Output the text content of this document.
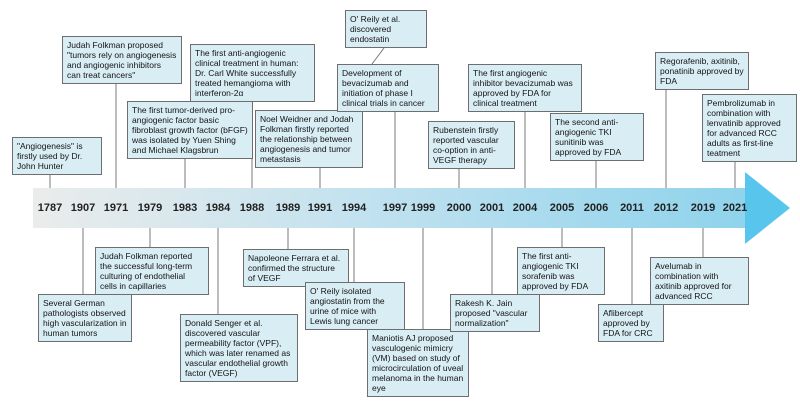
1787 1907 1971 1979 1983 1984 1988	1989 1991 1994	1997 1999	2000 2001 2004	2005 2006	2011 2012	2019 2021
"Angiogenesis" is firstly used by Dr. John Hunter
Judah Folkman proposed "tumors rely on angiogenesis and angiogenic inhibitors can treat cancers"
The first tumor-derived pro-angiogenic factor basic fibroblast growth factor (bFGF) was isolated by Yuen Shing and Michael Klagsbrun
The first anti-angiogenic clinical treatment in human: Dr. Carl White successfully treated hemangioma with interferon-2α
Noel Weidner and Jodah Folkman firstly reported the relationship between angiogenesis and tumor metastasis
O' Reily et al. discovered endostatin
Development of bevacizumab and initiation of phase I clinical trials in cancer
Rubenstein firstly reported vascular co-option in anti-VEGF therapy
The first angiogenic inhibitor bevacizumab was approved by FDA for clinical treatment
The second anti-angiogenic TKI sunitinib was approved by FDA
Regorafenib, axitinib, ponatinib approved by FDA
Pembrolizumab in combination with lenvatinib approved for advanced RCC adults as first-line teatment
Several German pathologists observed high vascularization in human tumors
Judah Folkman reported the successful long-term culturing of endothelial cells in capillaries
Donald Senger et al. discovered vascular permeability factor (VPF), which was later renamed as vascular endothelial growth factor (VEGF)
Napoleone Ferrara et al. confirmed the structure of VEGF
O' Reily isolated angiostatin from the urine of mice with Lewis lung cancer
Maniotis AJ proposed vasculogenic mimicry (VM) based on study of microcirculation of uveal melanoma in the human eye
Rakesh K. Jain proposed "vascular normalization"
The first anti-angiogenic TKI sorafenib was approved by FDA
Aflibercept approved by FDA for CRC
Avelumab in combination with axitinib approved for advanced RCC
